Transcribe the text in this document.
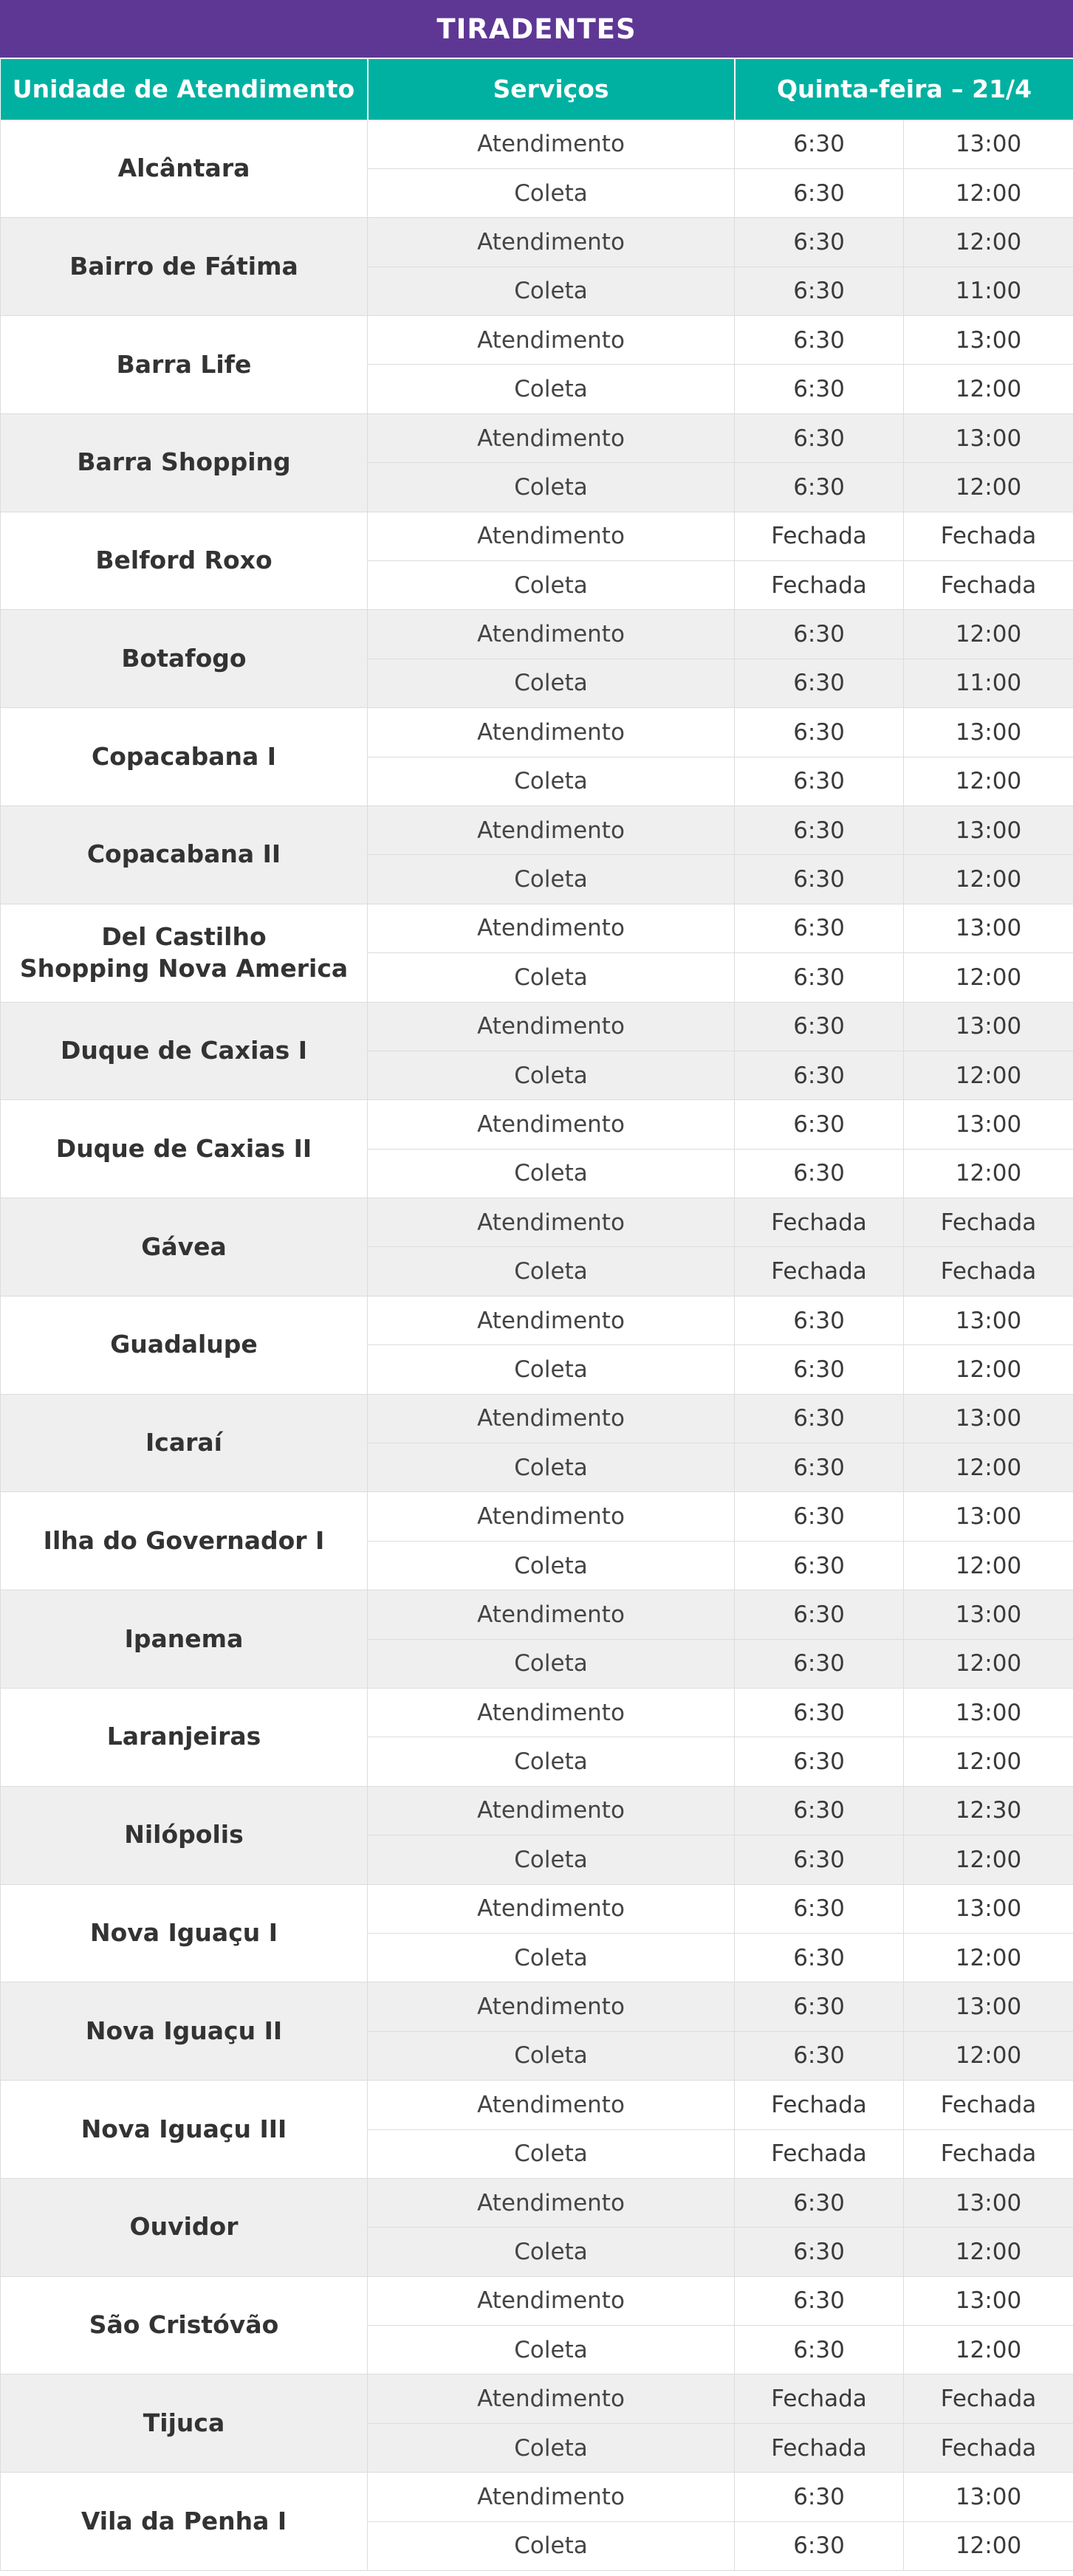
TIRADENTES
Unidade de Atendimento	Serviços	Quinta-feira – 21/4	
Alcântara	Atendimento	6:30	13:00
	Coleta	6:30	12:00
Bairro de Fátima	Atendimento	6:30	12:00
	Coleta	6:30	11:00
Barra Life	Atendimento	6:30	13:00
	Coleta	6:30	12:00
Barra Shopping	Atendimento	6:30	13:00
	Coleta	6:30	12:00
Belford Roxo	Atendimento	Fechada	Fechada
	Coleta	Fechada	Fechada
Botafogo	Atendimento	6:30	12:00
	Coleta	6:30	11:00
Copacabana I	Atendimento	6:30	13:00
	Coleta	6:30	12:00
Copacabana II	Atendimento	6:30	13:00
	Coleta	6:30	12:00
Del Castilho
Shopping Nova America	Atendimento	6:30	13:00
	Coleta	6:30	12:00
Duque de Caxias I	Atendimento	6:30	13:00
	Coleta	6:30	12:00
Duque de Caxias II	Atendimento	6:30	13:00
	Coleta	6:30	12:00
Gávea	Atendimento	Fechada	Fechada
	Coleta	Fechada	Fechada
Guadalupe	Atendimento	6:30	13:00
	Coleta	6:30	12:00
Icaraí	Atendimento	6:30	13:00
	Coleta	6:30	12:00
Ilha do Governador I	Atendimento	6:30	13:00
	Coleta	6:30	12:00
Ipanema	Atendimento	6:30	13:00
	Coleta	6:30	12:00
Laranjeiras	Atendimento	6:30	13:00
	Coleta	6:30	12:00
Nilópolis	Atendimento	6:30	12:30
	Coleta	6:30	12:00
Nova Iguaçu I	Atendimento	6:30	13:00
	Coleta	6:30	12:00
Nova Iguaçu II	Atendimento	6:30	13:00
	Coleta	6:30	12:00
Nova Iguaçu III	Atendimento	Fechada	Fechada
	Coleta	Fechada	Fechada
Ouvidor	Atendimento	6:30	13:00
	Coleta	6:30	12:00
São Cristóvão	Atendimento	6:30	13:00
	Coleta	6:30	12:00
Tijuca	Atendimento	Fechada	Fechada
	Coleta	Fechada	Fechada
Vila da Penha I	Atendimento	6:30	13:00
	Coleta	6:30	12:00
